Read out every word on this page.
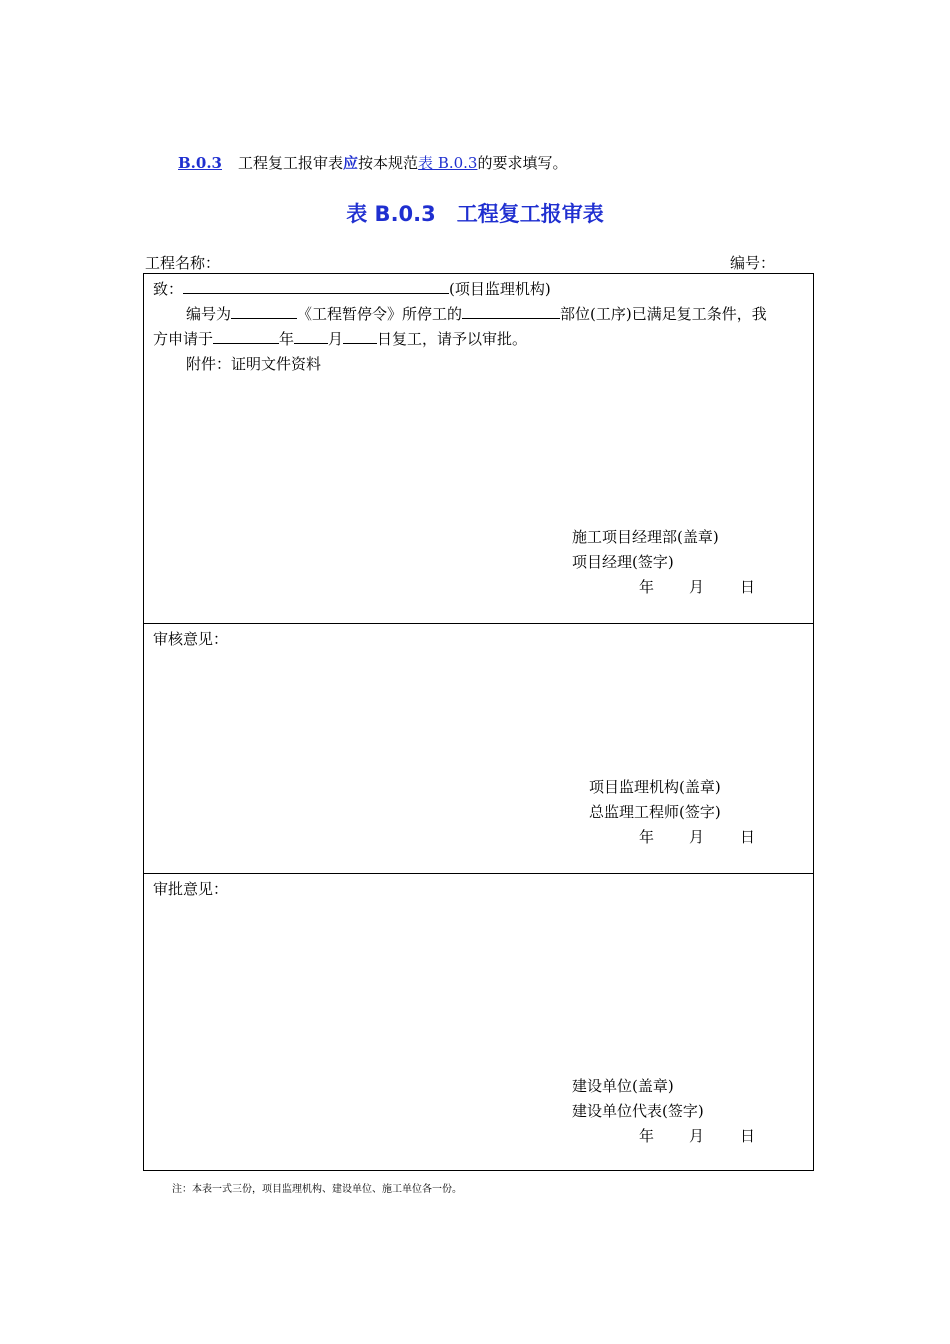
B.0.3 工程复工报审表应按本规范表 B.0.3的要求填写。
表 B.0.3　工程复工报审表
工程名称：	编号：
致：	(项目监理机构)
编号为	《工程暂停令》所停工的	部位(工序)已满足复工条件，我
方申请于	年 月 日复工，请予以审批。
附件：证明文件资料
施工项目经理部(盖章)
项目经理(签字)
年 月 日
审核意见：
项目监理机构(盖章)
总监理工程师(签字)
年 月 日
审批意见：
建设单位(盖章)
建设单位代表(签字)
年 月 日
注：本表一式三份，项目监理机构、建设单位、施工单位各一份。
